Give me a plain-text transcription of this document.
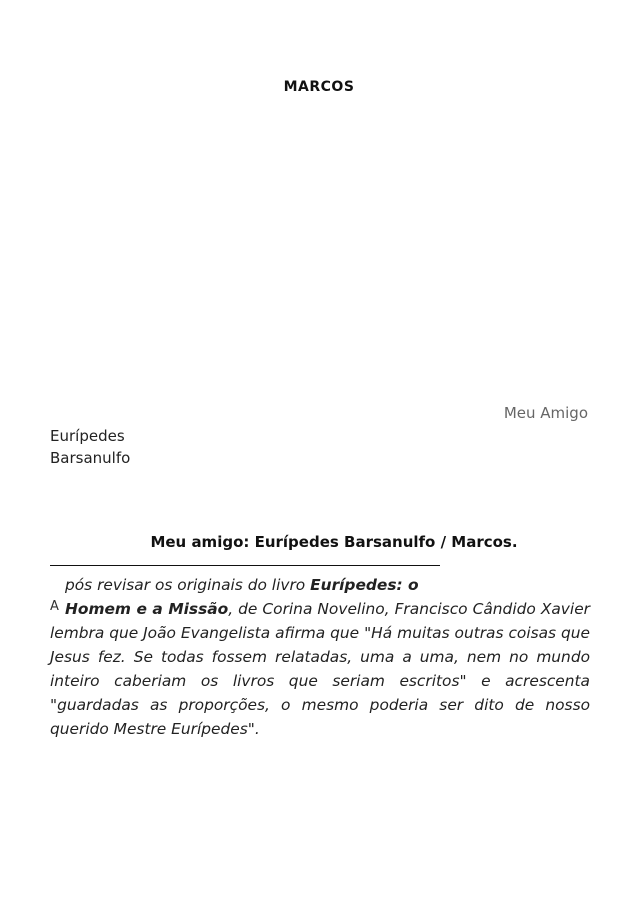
MARCOS
Meu Amigo
Eurípedes
Barsanulfo
Meu amigo: Eurípedes Barsanulfo / Marcos.
pós revisar os originais do livro Eurípedes: o
A Homem e a Missão, de Corina Novelino, Francisco Cândido Xavier lembra que João Evangelista afirma que "Há muitas outras coisas que Jesus fez. Se todas fossem relatadas, uma a uma, nem no mundo inteiro caberiam os livros que seriam escritos" e acrescenta "guardadas as proporções, o mesmo poderia ser dito de nosso querido Mestre Eurípedes".
